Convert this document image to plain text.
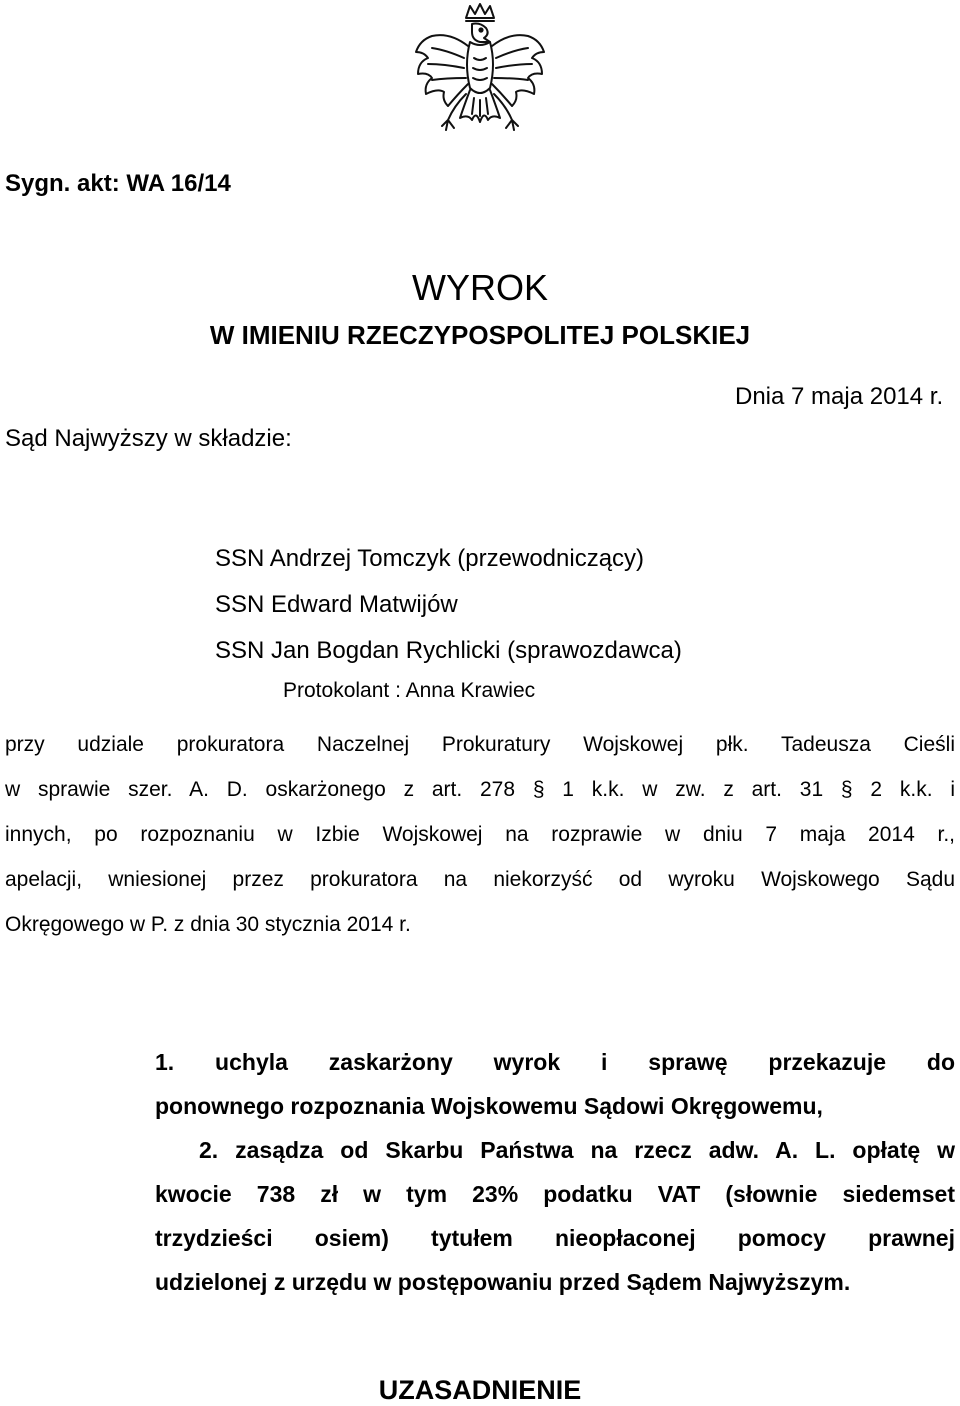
Sygn. akt: WA 16/14
WYROK
W IMIENIU RZECZYPOSPOLITEJ POLSKIEJ
Dnia 7 maja 2014 r.
Sąd Najwyższy w składzie:
SSN Andrzej Tomczyk (przewodniczący)
SSN Edward Matwijów
SSN Jan Bogdan Rychlicki (sprawozdawca)
Protokolant : Anna Krawiec
przy udziale prokuratora Naczelnej Prokuratury Wojskowej płk. Tadeusza Cieśli
w sprawie szer. A. D. oskarżonego z art. 278 § 1 k.k. w zw. z art. 31 § 2 k.k. i
innych, po rozpoznaniu w Izbie Wojskowej na rozprawie w dniu 7 maja 2014 r.,
apelacji, wniesionej przez prokuratora na niekorzyść od wyroku Wojskowego Sądu
Okręgowego w P. z dnia 30 stycznia 2014 r.
1. uchyla zaskarżony wyrok i sprawę przekazuje do
ponownego rozpoznania Wojskowemu Sądowi Okręgowemu,
2. zasądza od Skarbu Państwa na rzecz adw. A. L. opłatę w
kwocie 738 zł w tym 23% podatku VAT (słownie siedemset
trzydzieści osiem) tytułem nieopłaconej pomocy prawnej
udzielonej z urzędu w postępowaniu przed Sądem Najwyższym.
UZASADNIENIE
